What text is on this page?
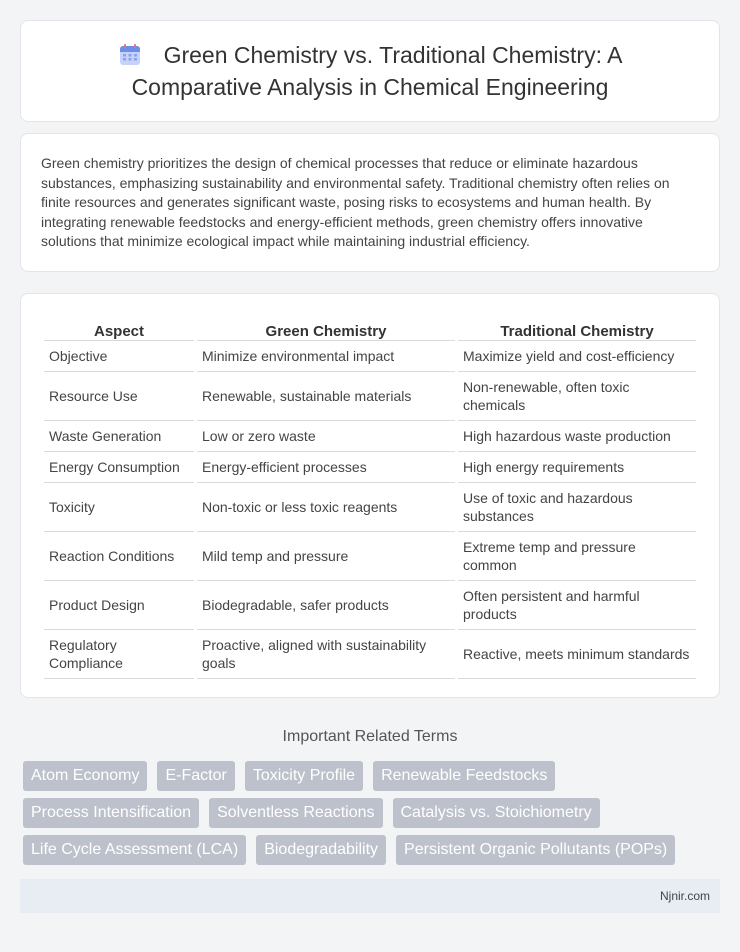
Green Chemistry vs. Traditional Chemistry: A Comparative Analysis in Chemical Engineering

Green chemistry prioritizes the design of chemical processes that reduce or eliminate hazardous substances, emphasizing sustainability and environmental safety. Traditional chemistry often relies on finite resources and generates significant waste, posing risks to ecosystems and human health. By integrating renewable feedstocks and energy-efficient methods, green chemistry offers innovative solutions that minimize ecological impact while maintaining industrial efficiency.

Aspect	Green Chemistry	Traditional Chemistry
Objective	Minimize environmental impact	Maximize yield and cost-efficiency
Resource Use	Renewable, sustainable materials	Non-renewable, often toxic chemicals
Waste Generation	Low or zero waste	High hazardous waste production
Energy Consumption	Energy-efficient processes	High energy requirements
Toxicity	Non-toxic or less toxic reagents	Use of toxic and hazardous substances
Reaction Conditions	Mild temp and pressure	Extreme temp and pressure common
Product Design	Biodegradable, safer products	Often persistent and harmful products
Regulatory Compliance	Proactive, aligned with sustainability goals	Reactive, meets minimum standards
Important Related Terms
Atom Economy	E-Factor	Toxicity Profile	Renewable Feedstocks
Process Intensification	Solventless Reactions	Catalysis vs. Stoichiometry
Life Cycle Assessment (LCA)	Biodegradability	Persistent Organic Pollutants (POPs)
Njnir.com
